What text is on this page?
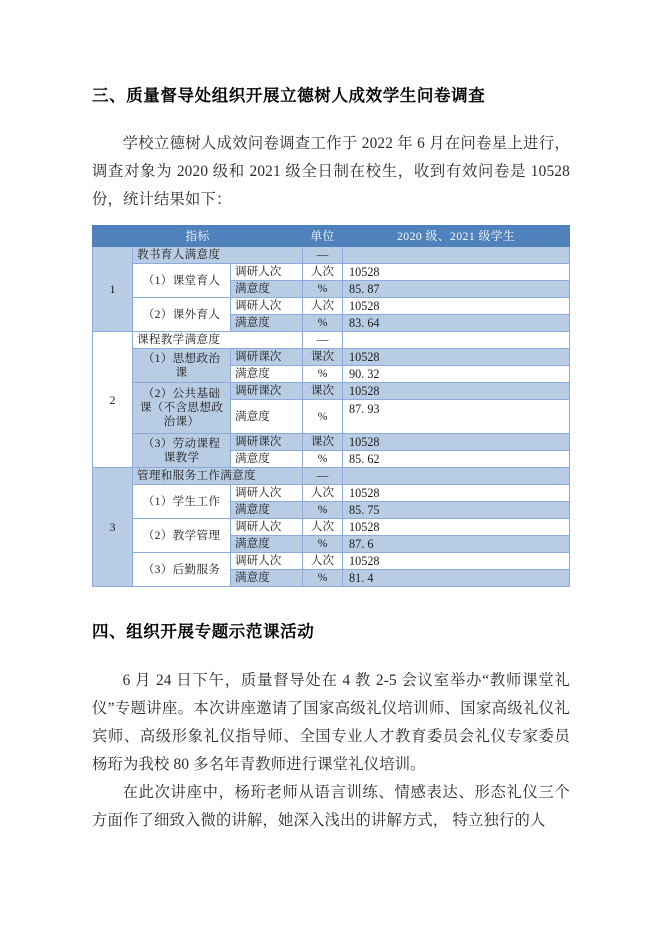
三、质量督导处组织开展立德树人成效学生问卷调查

学校立德树人成效问卷调查工作于 2022 年 6 月在问卷星上进行，调查对象为 2020 级和 2021 级全日制在校生，收到有效问卷是 10528 份，统计结果如下：

指标			单位	2020 级、2021 级学生
1	教书育人满意度		—	
	（1）课堂育人	调研人次	人次	10528
		满意度	%	85. 87
	（2）课外育人	调研人次	人次	10528
		满意度	%	83. 64
2	课程教学满意度		—	
	（1）思想政治课	调研课次	课次	10528
		满意度	%	90. 32
	（2）公共基础课（不含思想政治课）	调研课次	课次	10528
		满意度	%	87. 93
	（3）劳动课程课教学	调研课次	课次	10528
		满意度	%	85. 62
3	管理和服务工作满意度		—	
	（1）学生工作	调研人次	人次	10528
		满意度	%	85. 75
	（2）教学管理	调研人次	人次	10528
		满意度	%	87. 6
	（3）后勤服务	调研人次	人次	10528
		满意度	%	81. 4
四、组织开展专题示范课活动

6 月 24 日下午，质量督导处在 4 教 2-5 会议室举办“教师课堂礼仪”专题讲座。本次讲座邀请了国家高级礼仪培训师、国家高级礼仪礼宾师、高级形象礼仪指导师、全国专业人才教育委员会礼仪专家委员杨珩为我校 80 多名年青教师进行课堂礼仪培训。

在此次讲座中，杨珩老师从语言训练、情感表达、形态礼仪三个方面作了细致入微的讲解，她深入浅出的讲解方式， 特立独行的人
